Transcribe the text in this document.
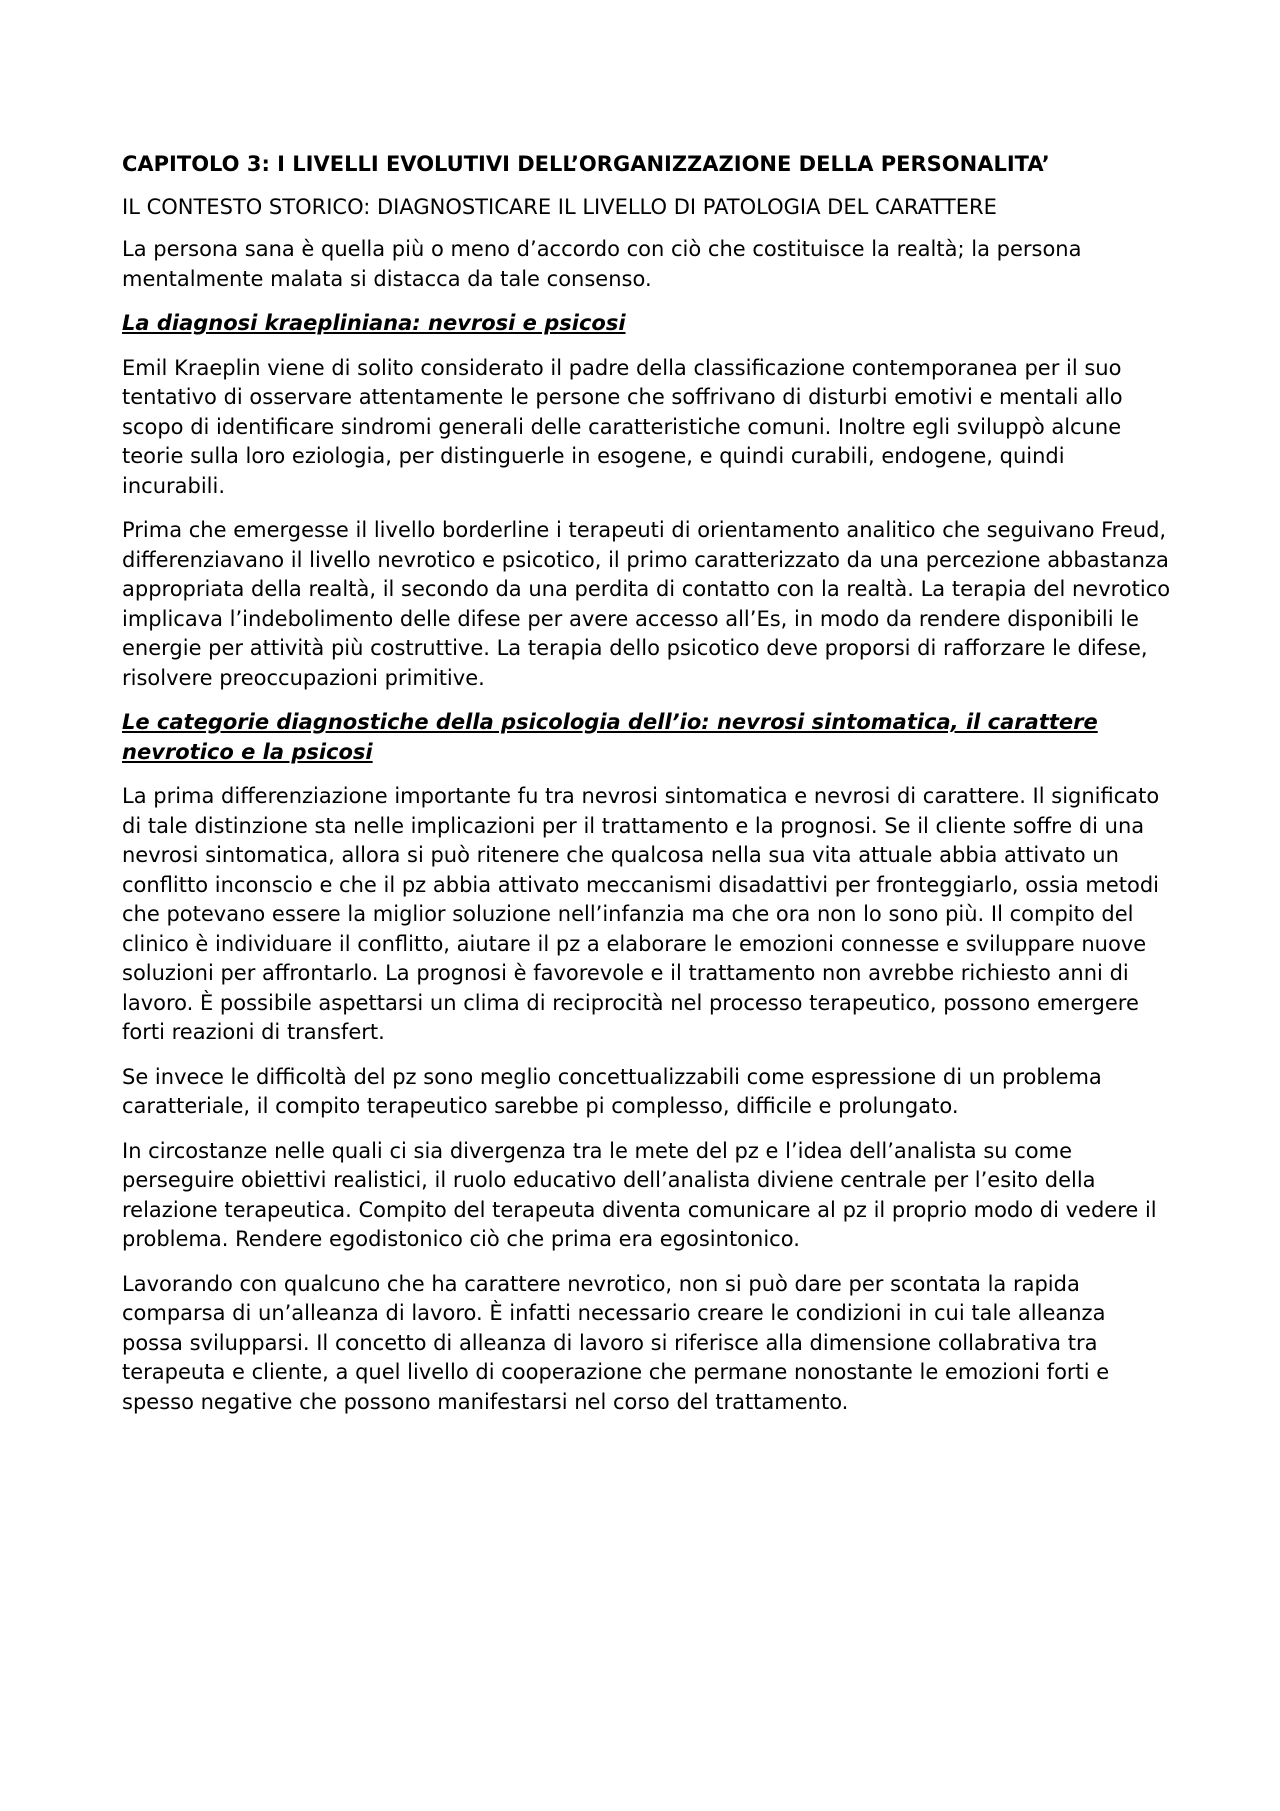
CAPITOLO 3: I LIVELLI EVOLUTIVI DELL’ORGANIZZAZIONE DELLA PERSONALITA’
IL CONTESTO STORICO: DIAGNOSTICARE IL LIVELLO DI PATOLOGIA DEL CARATTERE
La persona sana è quella più o meno d’accordo con ciò che costituisce la realtà; la persona mentalmente malata si distacca da tale consenso.
La diagnosi kraepliniana: nevrosi e psicosi
Emil Kraeplin viene di solito considerato il padre della classificazione contemporanea per il suo tentativo di osservare attentamente le persone che soffrivano di disturbi emotivi e mentali allo scopo di identificare sindromi generali delle caratteristiche comuni. Inoltre egli sviluppò alcune teorie sulla loro eziologia, per distinguerle in esogene, e quindi curabili, endogene, quindi incurabili.
Prima che emergesse il livello borderline i terapeuti di orientamento analitico che seguivano Freud, differenziavano il livello nevrotico e psicotico, il primo caratterizzato da una percezione abbastanza appropriata della realtà, il secondo da una perdita di contatto con la realtà. La terapia del nevrotico implicava l’indebolimento delle difese per avere accesso all’Es, in modo da rendere disponibili le energie per attività più costruttive. La terapia dello psicotico deve proporsi di rafforzare le difese, risolvere preoccupazioni primitive.
Le categorie diagnostiche della psicologia dell’io: nevrosi sintomatica, il carattere nevrotico e la psicosi
La prima differenziazione importante fu tra nevrosi sintomatica e nevrosi di carattere. Il significato di tale distinzione sta nelle implicazioni per il trattamento e la prognosi. Se il cliente soffre di una nevrosi sintomatica, allora si può ritenere che qualcosa nella sua vita attuale abbia attivato un conflitto inconscio e che il pz abbia attivato meccanismi disadattivi per fronteggiarlo, ossia metodi che potevano essere la miglior soluzione nell’infanzia ma che ora non lo sono più. Il compito del clinico è individuare il conflitto, aiutare il pz a elaborare le emozioni connesse e sviluppare nuove soluzioni per affrontarlo. La prognosi è favorevole e il trattamento non avrebbe richiesto anni di lavoro. È possibile aspettarsi un clima di reciprocità nel processo terapeutico, possono emergere forti reazioni di transfert.
Se invece le difficoltà del pz sono meglio concettualizzabili come espressione di un problema caratteriale, il compito terapeutico sarebbe pi complesso, difficile e prolungato.
In circostanze nelle quali ci sia divergenza tra le mete del pz e l’idea dell’analista su come perseguire obiettivi realistici, il ruolo educativo dell’analista diviene centrale per l’esito della relazione terapeutica. Compito del terapeuta diventa comunicare al pz il proprio modo di vedere il problema. Rendere egodistonico ciò che prima era egosintonico.
Lavorando con qualcuno che ha carattere nevrotico, non si può dare per scontata la rapida comparsa di un’alleanza di lavoro. È infatti necessario creare le condizioni in cui tale alleanza possa svilupparsi. Il concetto di alleanza di lavoro si riferisce alla dimensione collabrativa tra terapeuta e cliente, a quel livello di cooperazione che permane nonostante le emozioni forti e spesso negative che possono manifestarsi nel corso del trattamento.
